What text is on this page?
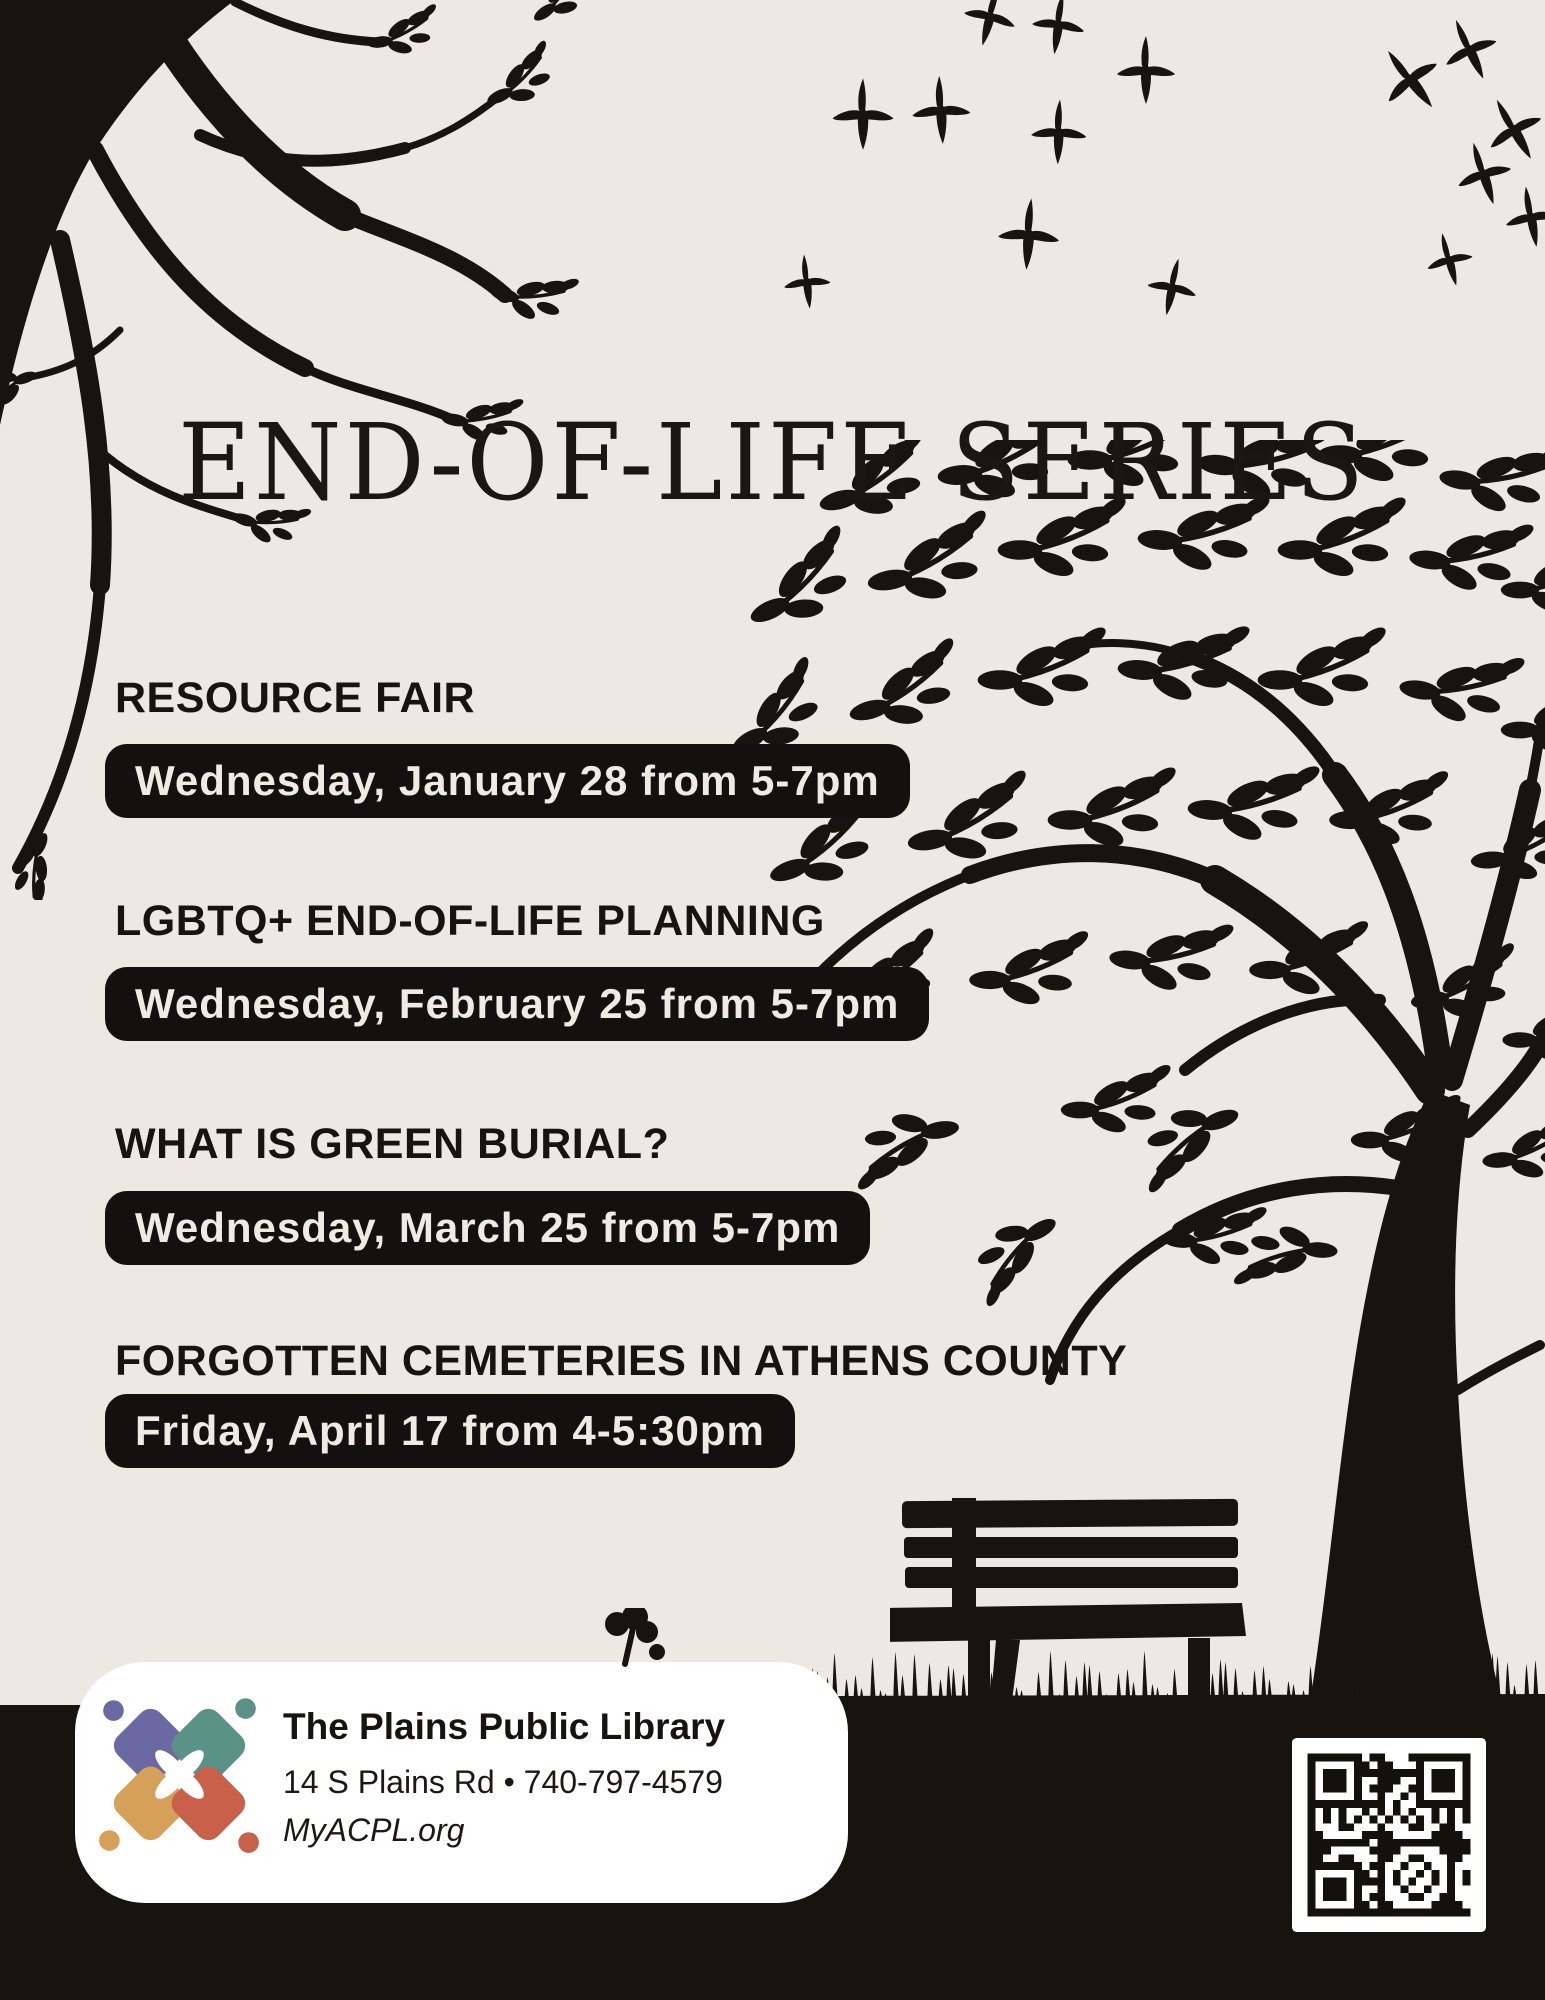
END-OF-LIFE SERIES
RESOURCE FAIR
Wednesday, January 28 from 5-7pm
LGBTQ+ END-OF-LIFE PLANNING
Wednesday, February 25 from 5-7pm
WHAT IS GREEN BURIAL?
Wednesday, March 25 from 5-7pm
FORGOTTEN CEMETERIES IN ATHENS COUNTY
Friday, April 17 from 4-5:30pm
The Plains Public Library
14 S Plains Rd • 740-797-4579
MyACPL.org
